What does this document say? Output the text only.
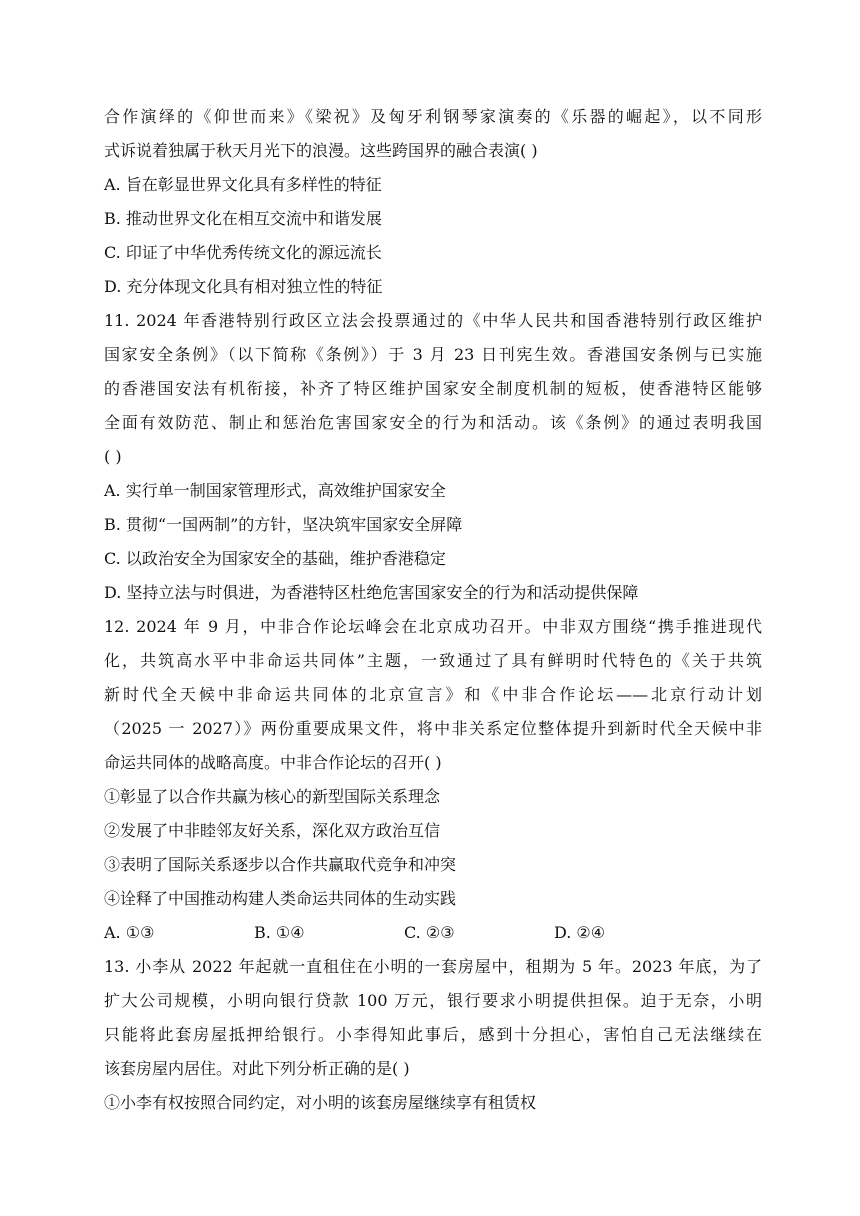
合作演绎的《仰世而来》《梁祝》及匈牙利钢琴家演奏的《乐器的崛起》，以不同形
式诉说着独属于秋天月光下的浪漫。这些跨国界的融合表演( )
A. 旨在彰显世界文化具有多样性的特征
B. 推动世界文化在相互交流中和谐发展
C. 印证了中华优秀传统文化的源远流长
D. 充分体现文化具有相对独立性的特征
11. 2024 年香港特别行政区立法会投票通过的《中华人民共和国香港特别行政区维护
国家安全条例》（以下简称《条例》）于 3 月 23 日刊宪生效。香港国安条例与已实施
的香港国安法有机衔接，补齐了特区维护国家安全制度机制的短板，使香港特区能够
全面有效防范、制止和惩治危害国家安全的行为和活动。该《条例》的通过表明我国
( )
A. 实行单一制国家管理形式，高效维护国家安全
B. 贯彻“一国两制”的方针，坚决筑牢国家安全屏障
C. 以政治安全为国家安全的基础，维护香港稳定
D. 坚持立法与时俱进，为香港特区杜绝危害国家安全的行为和活动提供保障
12. 2024 年 9 月，中非合作论坛峰会在北京成功召开。中非双方围绕“携手推进现代
化，共筑高水平中非命运共同体”主题，一致通过了具有鲜明时代特色的《关于共筑
新时代全天候中非命运共同体的北京宣言》和《中非合作论坛——北京行动计划
（2025 一 2027）》两份重要成果文件，将中非关系定位整体提升到新时代全天候中非
命运共同体的战略高度。中非合作论坛的召开( )
①彰显了以合作共赢为核心的新型国际关系理念
②发展了中非睦邻友好关系，深化双方政治互信
③表明了国际关系逐步以合作共赢取代竞争和冲突
④诠释了中国推动构建人类命运共同体的生动实践
A. ①③	B. ①④	C. ②③	D. ②④
13. 小李从 2022 年起就一直租住在小明的一套房屋中，租期为 5 年。2023 年底，为了
扩大公司规模，小明向银行贷款 100 万元，银行要求小明提供担保。迫于无奈，小明
只能将此套房屋抵押给银行。小李得知此事后，感到十分担心，害怕自己无法继续在
该套房屋内居住。对此下列分析正确的是( )
①小李有权按照合同约定，对小明的该套房屋继续享有租赁权
